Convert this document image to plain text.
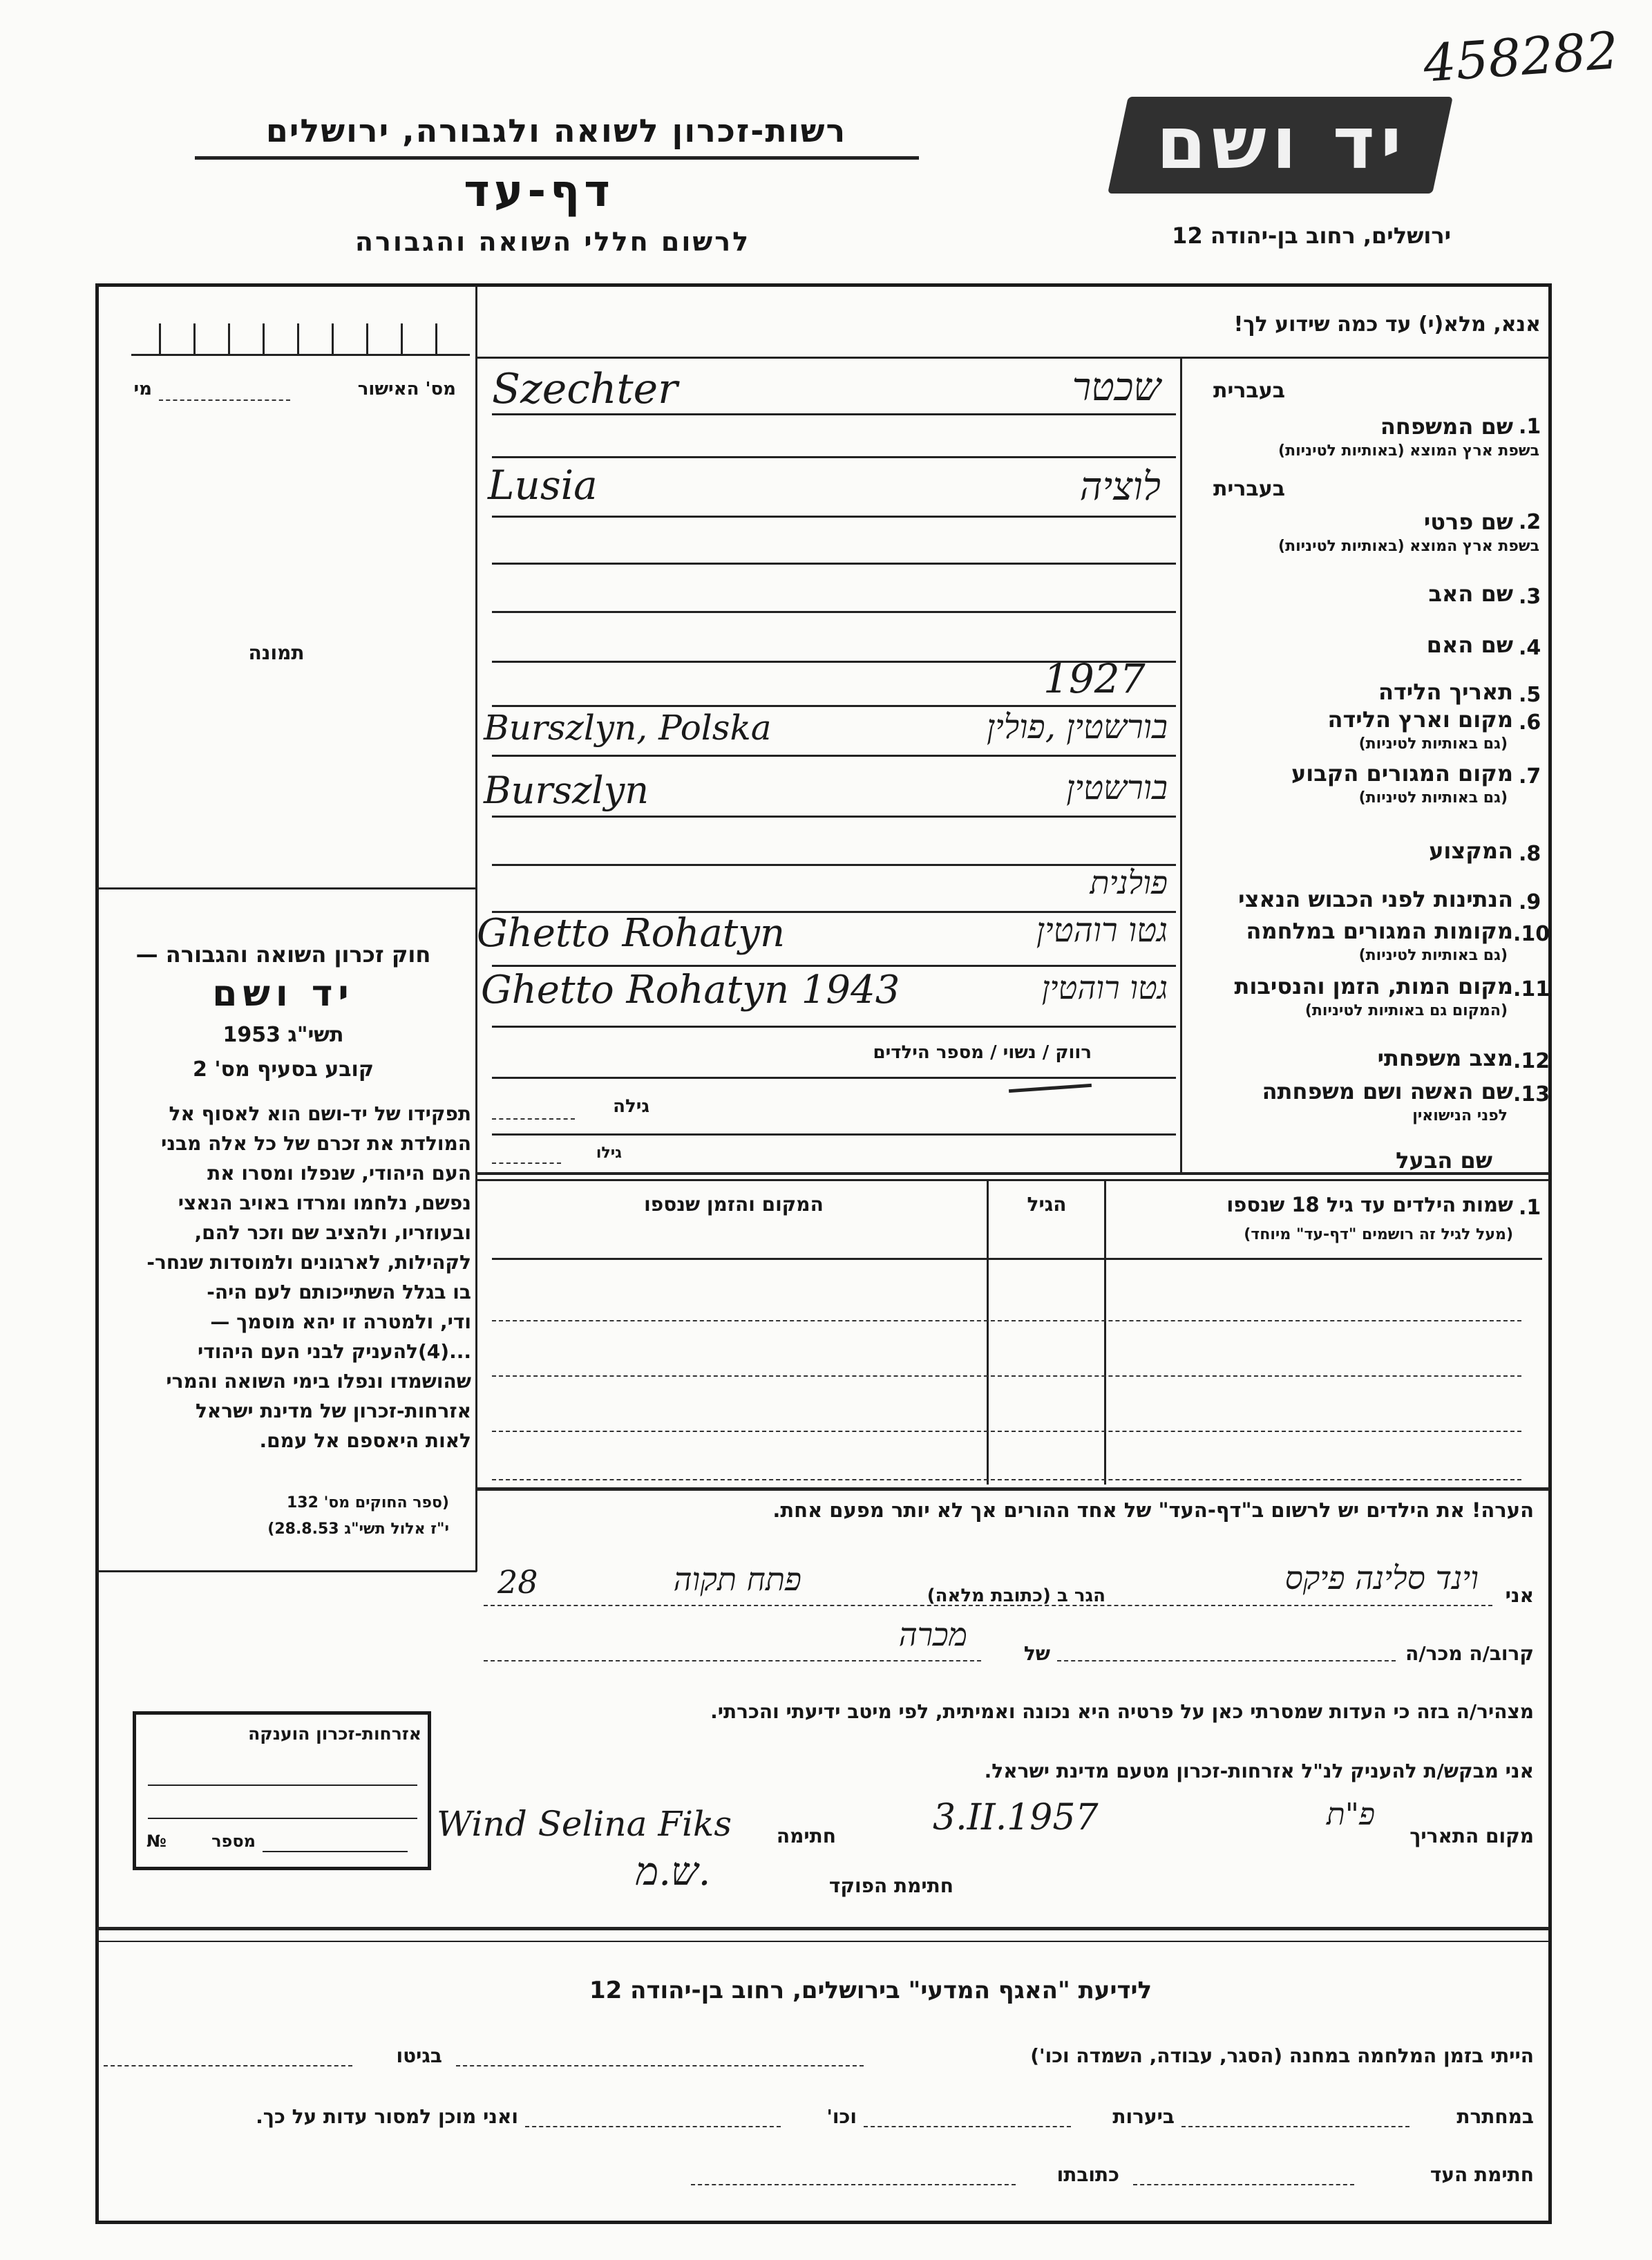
458282
יד ושם
ירושלים, רחוב בן-יהודה 12
רשות-זכרון לשואה ולגבורה, ירושלים
דף-עד
לרשום חללי השואה והגבורה
מס' האישור
מי
תמונה
חוק זכרון השואה והגבורה —
יד ושם
תשי"ג 1953
קובע בסעיף מס' 2
תפקידו של יד-ושם הוא לאסוף אל
המולדת את זכרם של כל אלה מבני
העם היהודי, שנפלו ומסרו את
נפשם, נלחמו ומרדו באויב הנאצי
ובעוזריו, ולהציב שם וזכר להם,
לקהילות, לארגונים ולמוסדות שנחר-
בו בגלל השתייכותם לעם היה-
ודי, ולמטרה זו יהא מוסמך —
...(4)להעניק לבני העם היהודי
שהושמדו ונפלו בימי השואה והמרי
אזרחות-זכרון של מדינת ישראל
לאות היאספם אל עמם.
(ספר החוקים מס' 132
י"ז אלול תשי"ג 28.8.53)
אנא, מלא(י) עד כמה שידוע לך!
בעברית
.1
שם המשפחה
בשפת ארץ המוצא (באותיות לטיניות)
שכטר
Szechter
בעברית
.2
שם פרטי
בשפת ארץ המוצא (באותיות לטיניות)
לוציה
Lusia
.3
שם האב
.4
שם האם
.5
תאריך הלידה
1927
.6
מקום וארץ הלידה
(גם באותיות לטיניות)
בורשטין ,פולין
Burszlyn, Polska
.7
מקום המגורים הקבוע
(גם באותיות לטיניות)
בורשטין
Burszlyn
.8
המקצוע
.9
הנתינות לפני הכבוש הנאצי
פולנית
.10
מקומות המגורים במלחמה
(גם באותיות לטיניות)
גטו רוהטין
Ghetto Rohatyn
.11
מקום המות, הזמן והנסיבות
(המקום גם באותיות לטיניות)
גטו רוהטין
Ghetto Rohatyn 1943
.12
מצב משפחתי
רווק / נשוי / מספר הילדים
.13
שם האשה ושם משפחתה
לפני הנישואין
גילה
שם הבעל
גילו
.1
שמות הילדים עד גיל 18 שנספו
(מעל לגיל זה רושמים "דף-עד" מיוחד)
הגיל
המקום והזמן שנספו
הערה! את הילדים יש לרשום ב"דף-העד" של אחד ההורים אך לא יותר מפעם אחת.
אני
וינד סלינה פיקס
הגר ב (כתובת מלאה)
פתח תקוה
28
קרוב/ה מכר/ה
של
מכרה
מצהיר/ה בזה כי העדות שמסרתי כאן על פרטיה היא נכונה ואמיתית, לפי מיטב ידיעתי והכרתי.
אני מבקש/ת להעניק לנ"ל אזרחות-זכרון מטעם מדינת ישראל.
מקום התאריך
פ"ת
3.II.1957
חתימה
Wind Selina Fiks
חתימת הפוקד
ש.מ.
אזרחות-זכרון הוענקה
מספר
№
לידיעת "האגף המדעי" בירושלים, רחוב בן-יהודה 12
הייתי בזמן המלחמה במחנה (הסגר, עבודה, השמדה וכו')
בגיטו
במחתרת
ביערות
וכו'
ואני מוכן למסור עדות על כך.
חתימת העד
כתובתו
